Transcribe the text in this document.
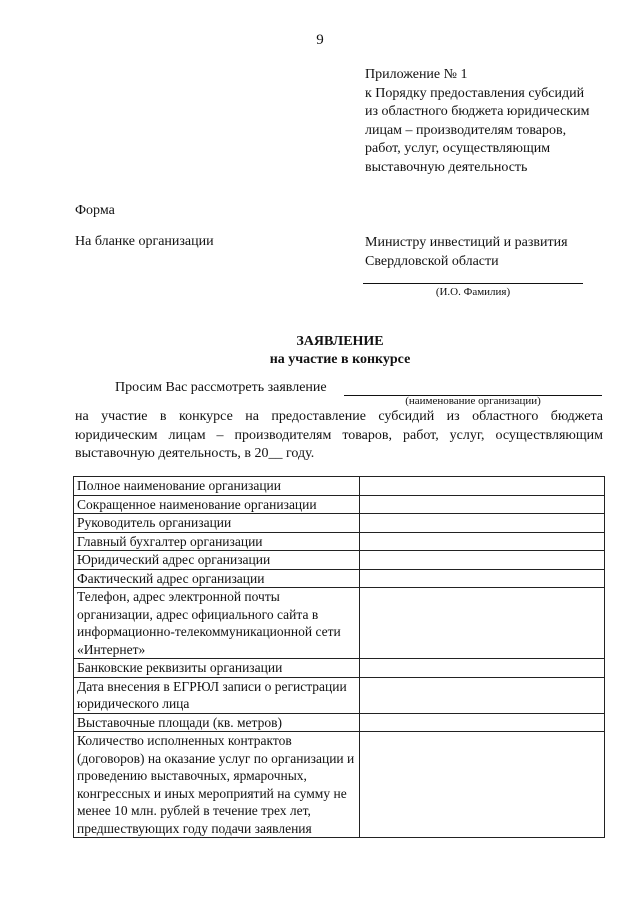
9
Приложение № 1
к Порядку предоставления субсидий
из областного бюджета юридическим
лицам – производителям товаров,
работ, услуг, осуществляющим
выставочную деятельность
Форма
На бланке организации	Министру инвестиций и развития
Свердловской области
(И.О. Фамилия)
ЗАЯВЛЕНИЕ
на участие в конкурсе
Просим Вас рассмотреть заявление
(наименование организации)
на участие в конкурсе на предоставление субсидий из областного бюджета юридическим лицам – производителям товаров, работ, услуг, осуществляющим выставочную деятельность, в 20__ году.
Полное наименование организации	
Сокращенное наименование организации	
Руководитель организации	
Главный бухгалтер организации	
Юридический адрес организации	
Фактический адрес организации	
Телефон, адрес электронной почты организации, адрес официального сайта в информационно-телекоммуникационной сети «Интернет»	
Банковские реквизиты организации	
Дата внесения в ЕГРЮЛ записи о регистрации юридического лица	
Выставочные площади (кв. метров)	
Количество исполненных контрактов (договоров) на оказание услуг по организации и проведению выставочных, ярмарочных, конгрессных и иных мероприятий на сумму не менее 10 млн. рублей в течение трех лет, предшествующих году подачи заявления	
